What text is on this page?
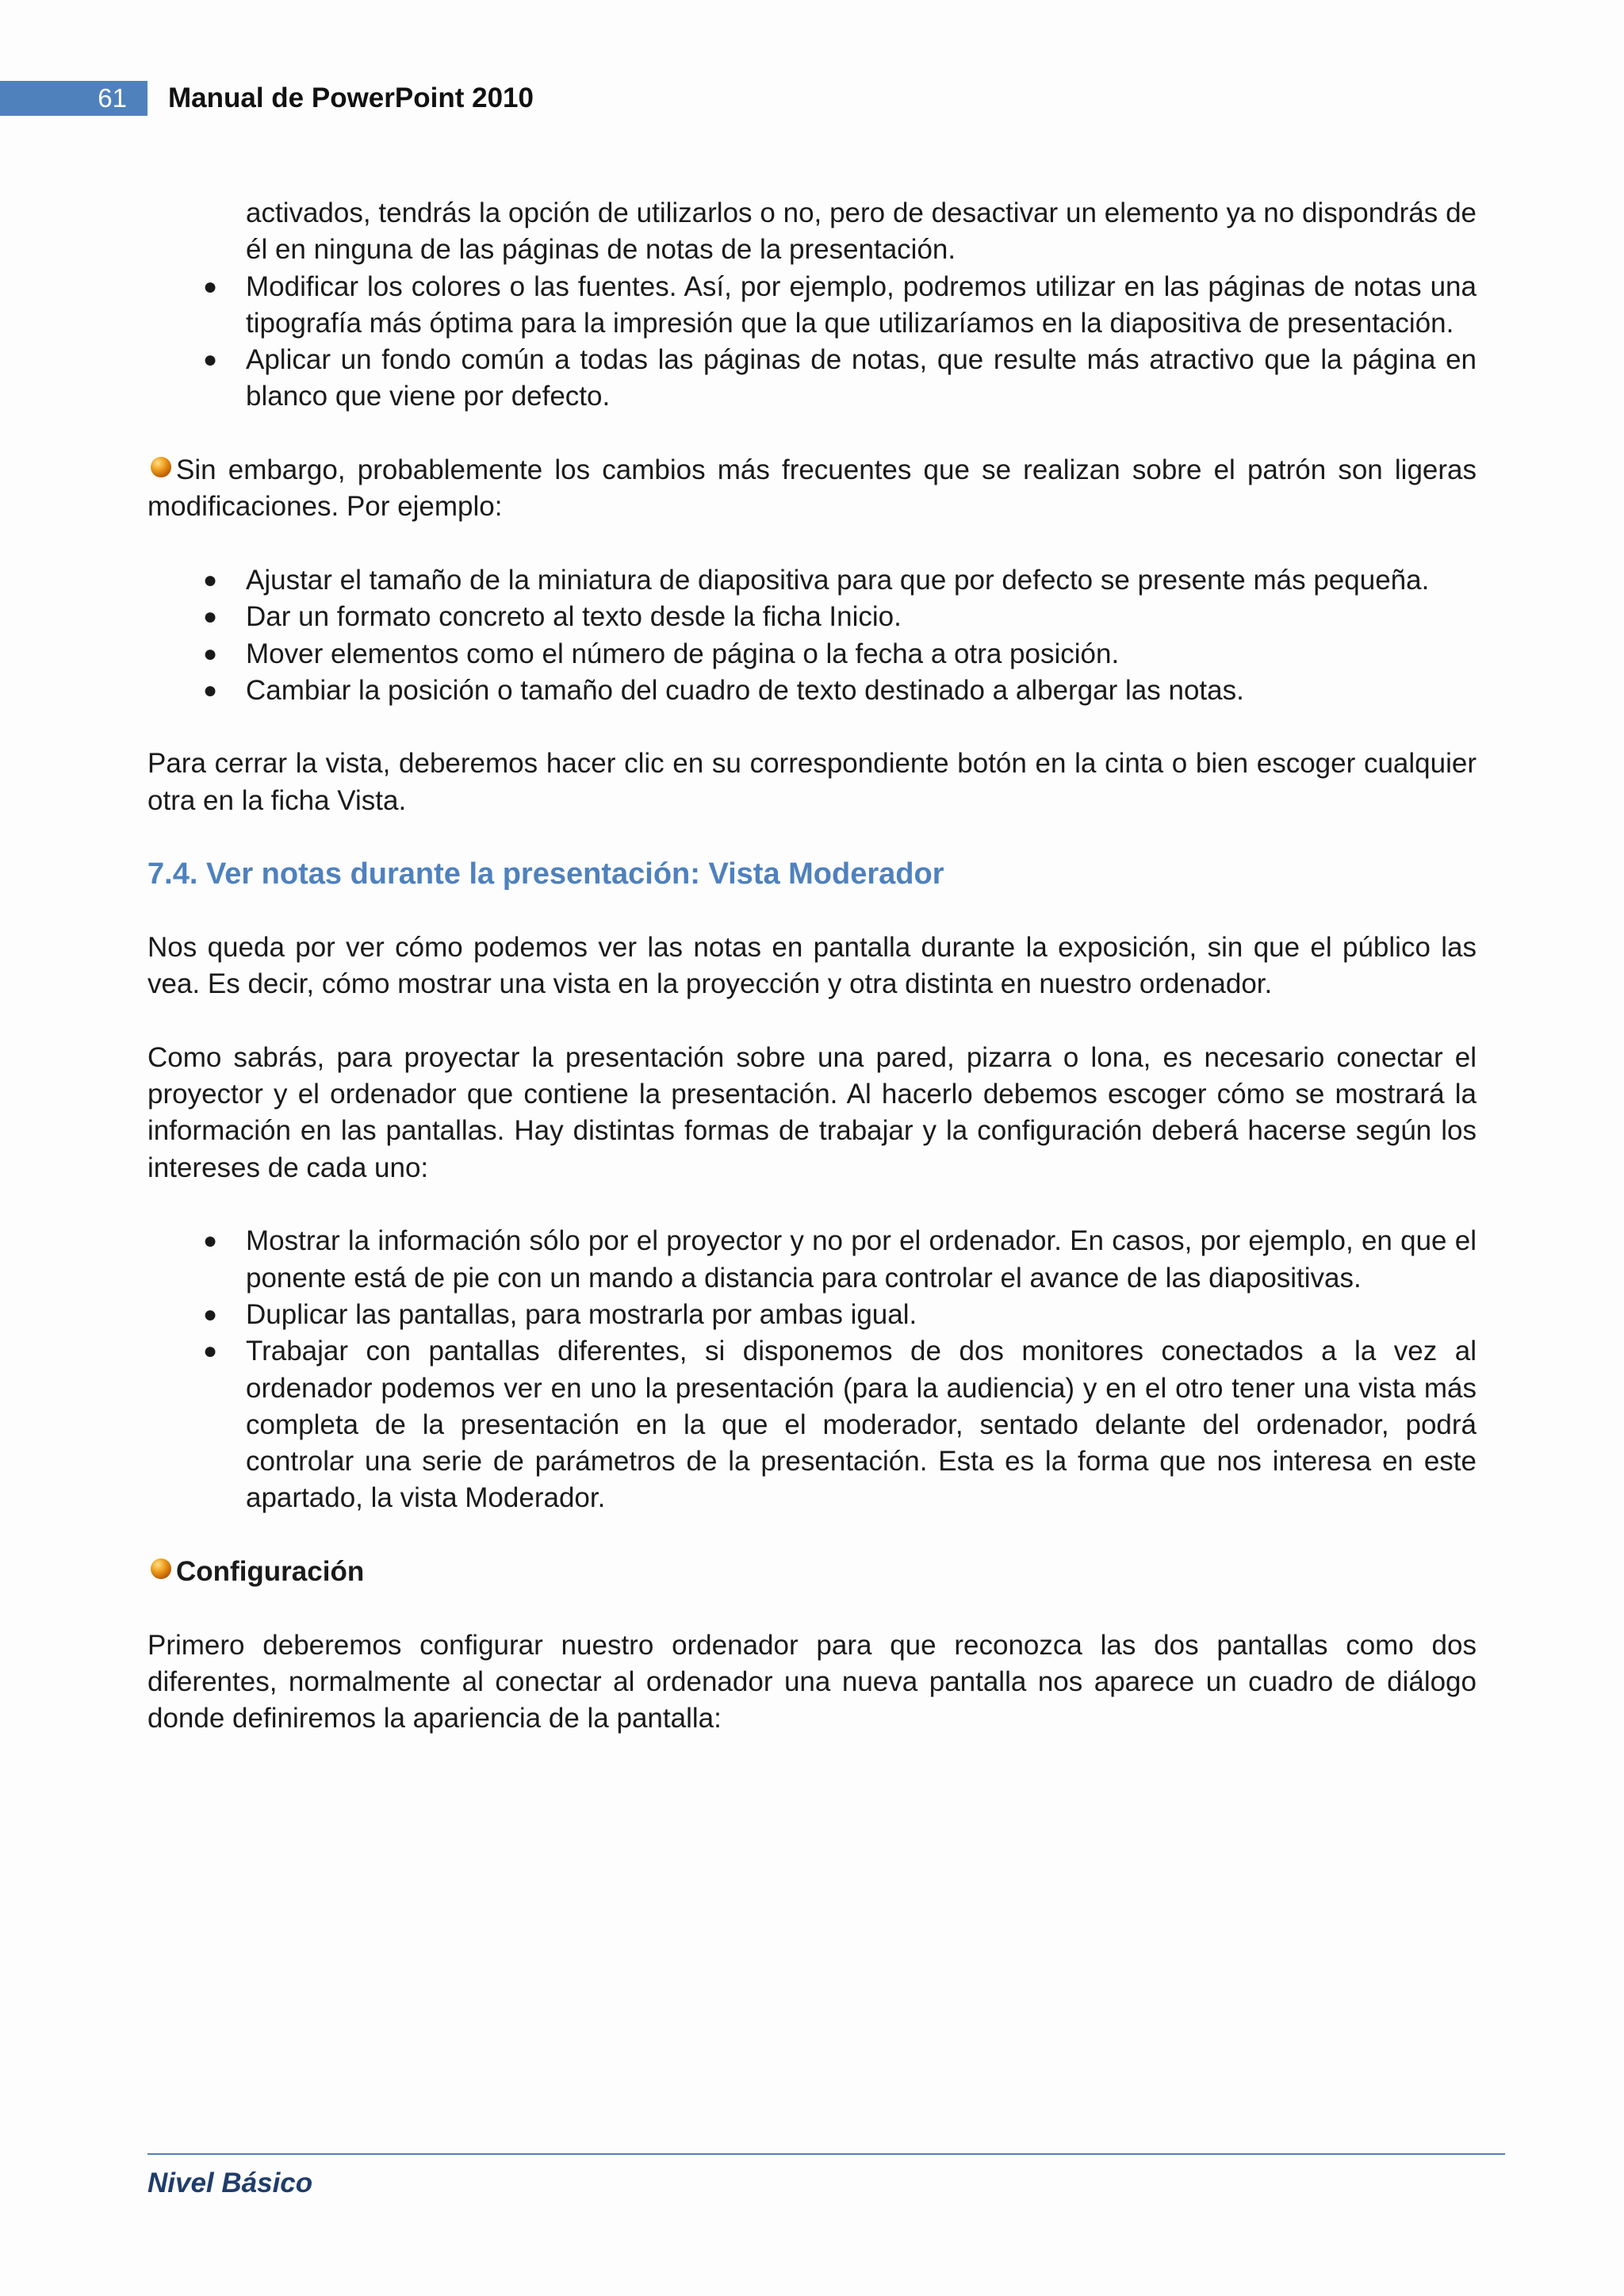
61	Manual de PowerPoint 2010

activados, tendrás la opción de utilizarlos o no, pero de desactivar un elemento ya no dispondrás de él en ninguna de las páginas de notas de la presentación.

● Modificar los colores o las fuentes. Así, por ejemplo, podremos utilizar en las páginas de notas una tipografía más óptima para la impresión que la que utilizaríamos en la diapositiva de presentación.
● Aplicar un fondo común a todas las páginas de notas, que resulte más atractivo que la página en blanco que viene por defecto.

Sin embargo, probablemente los cambios más frecuentes que se realizan sobre el patrón son ligeras modificaciones. Por ejemplo:

● Ajustar el tamaño de la miniatura de diapositiva para que por defecto se presente más pequeña.
● Dar un formato concreto al texto desde la ficha Inicio.
● Mover elementos como el número de página o la fecha a otra posición.
● Cambiar la posición o tamaño del cuadro de texto destinado a albergar las notas.

Para cerrar la vista, deberemos hacer clic en su correspondiente botón en la cinta o bien escoger cualquier otra en la ficha Vista.

7.4. Ver notas durante la presentación: Vista Moderador

Nos queda por ver cómo podemos ver las notas en pantalla durante la exposición, sin que el público las vea. Es decir, cómo mostrar una vista en la proyección y otra distinta en nuestro ordenador.

Como sabrás, para proyectar la presentación sobre una pared, pizarra o lona, es necesario conectar el proyector y el ordenador que contiene la presentación. Al hacerlo debemos escoger cómo se mostrará la información en las pantallas. Hay distintas formas de trabajar y la configuración deberá hacerse según los intereses de cada uno:

● Mostrar la información sólo por el proyector y no por el ordenador. En casos, por ejemplo, en que el ponente está de pie con un mando a distancia para controlar el avance de las diapositivas.
● Duplicar las pantallas, para mostrarla por ambas igual.
● Trabajar con pantallas diferentes, si disponemos de dos monitores conectados a la vez al ordenador podemos ver en uno la presentación (para la audiencia) y en el otro tener una vista más completa de la presentación en la que el moderador, sentado delante del ordenador, podrá controlar una serie de parámetros de la presentación. Esta es la forma que nos interesa en este apartado, la vista Moderador.

Configuración

Primero deberemos configurar nuestro ordenador para que reconozca las dos pantallas como dos diferentes, normalmente al conectar al ordenador una nueva pantalla nos aparece un cuadro de diálogo donde definiremos la apariencia de la pantalla:

Nivel Básico
